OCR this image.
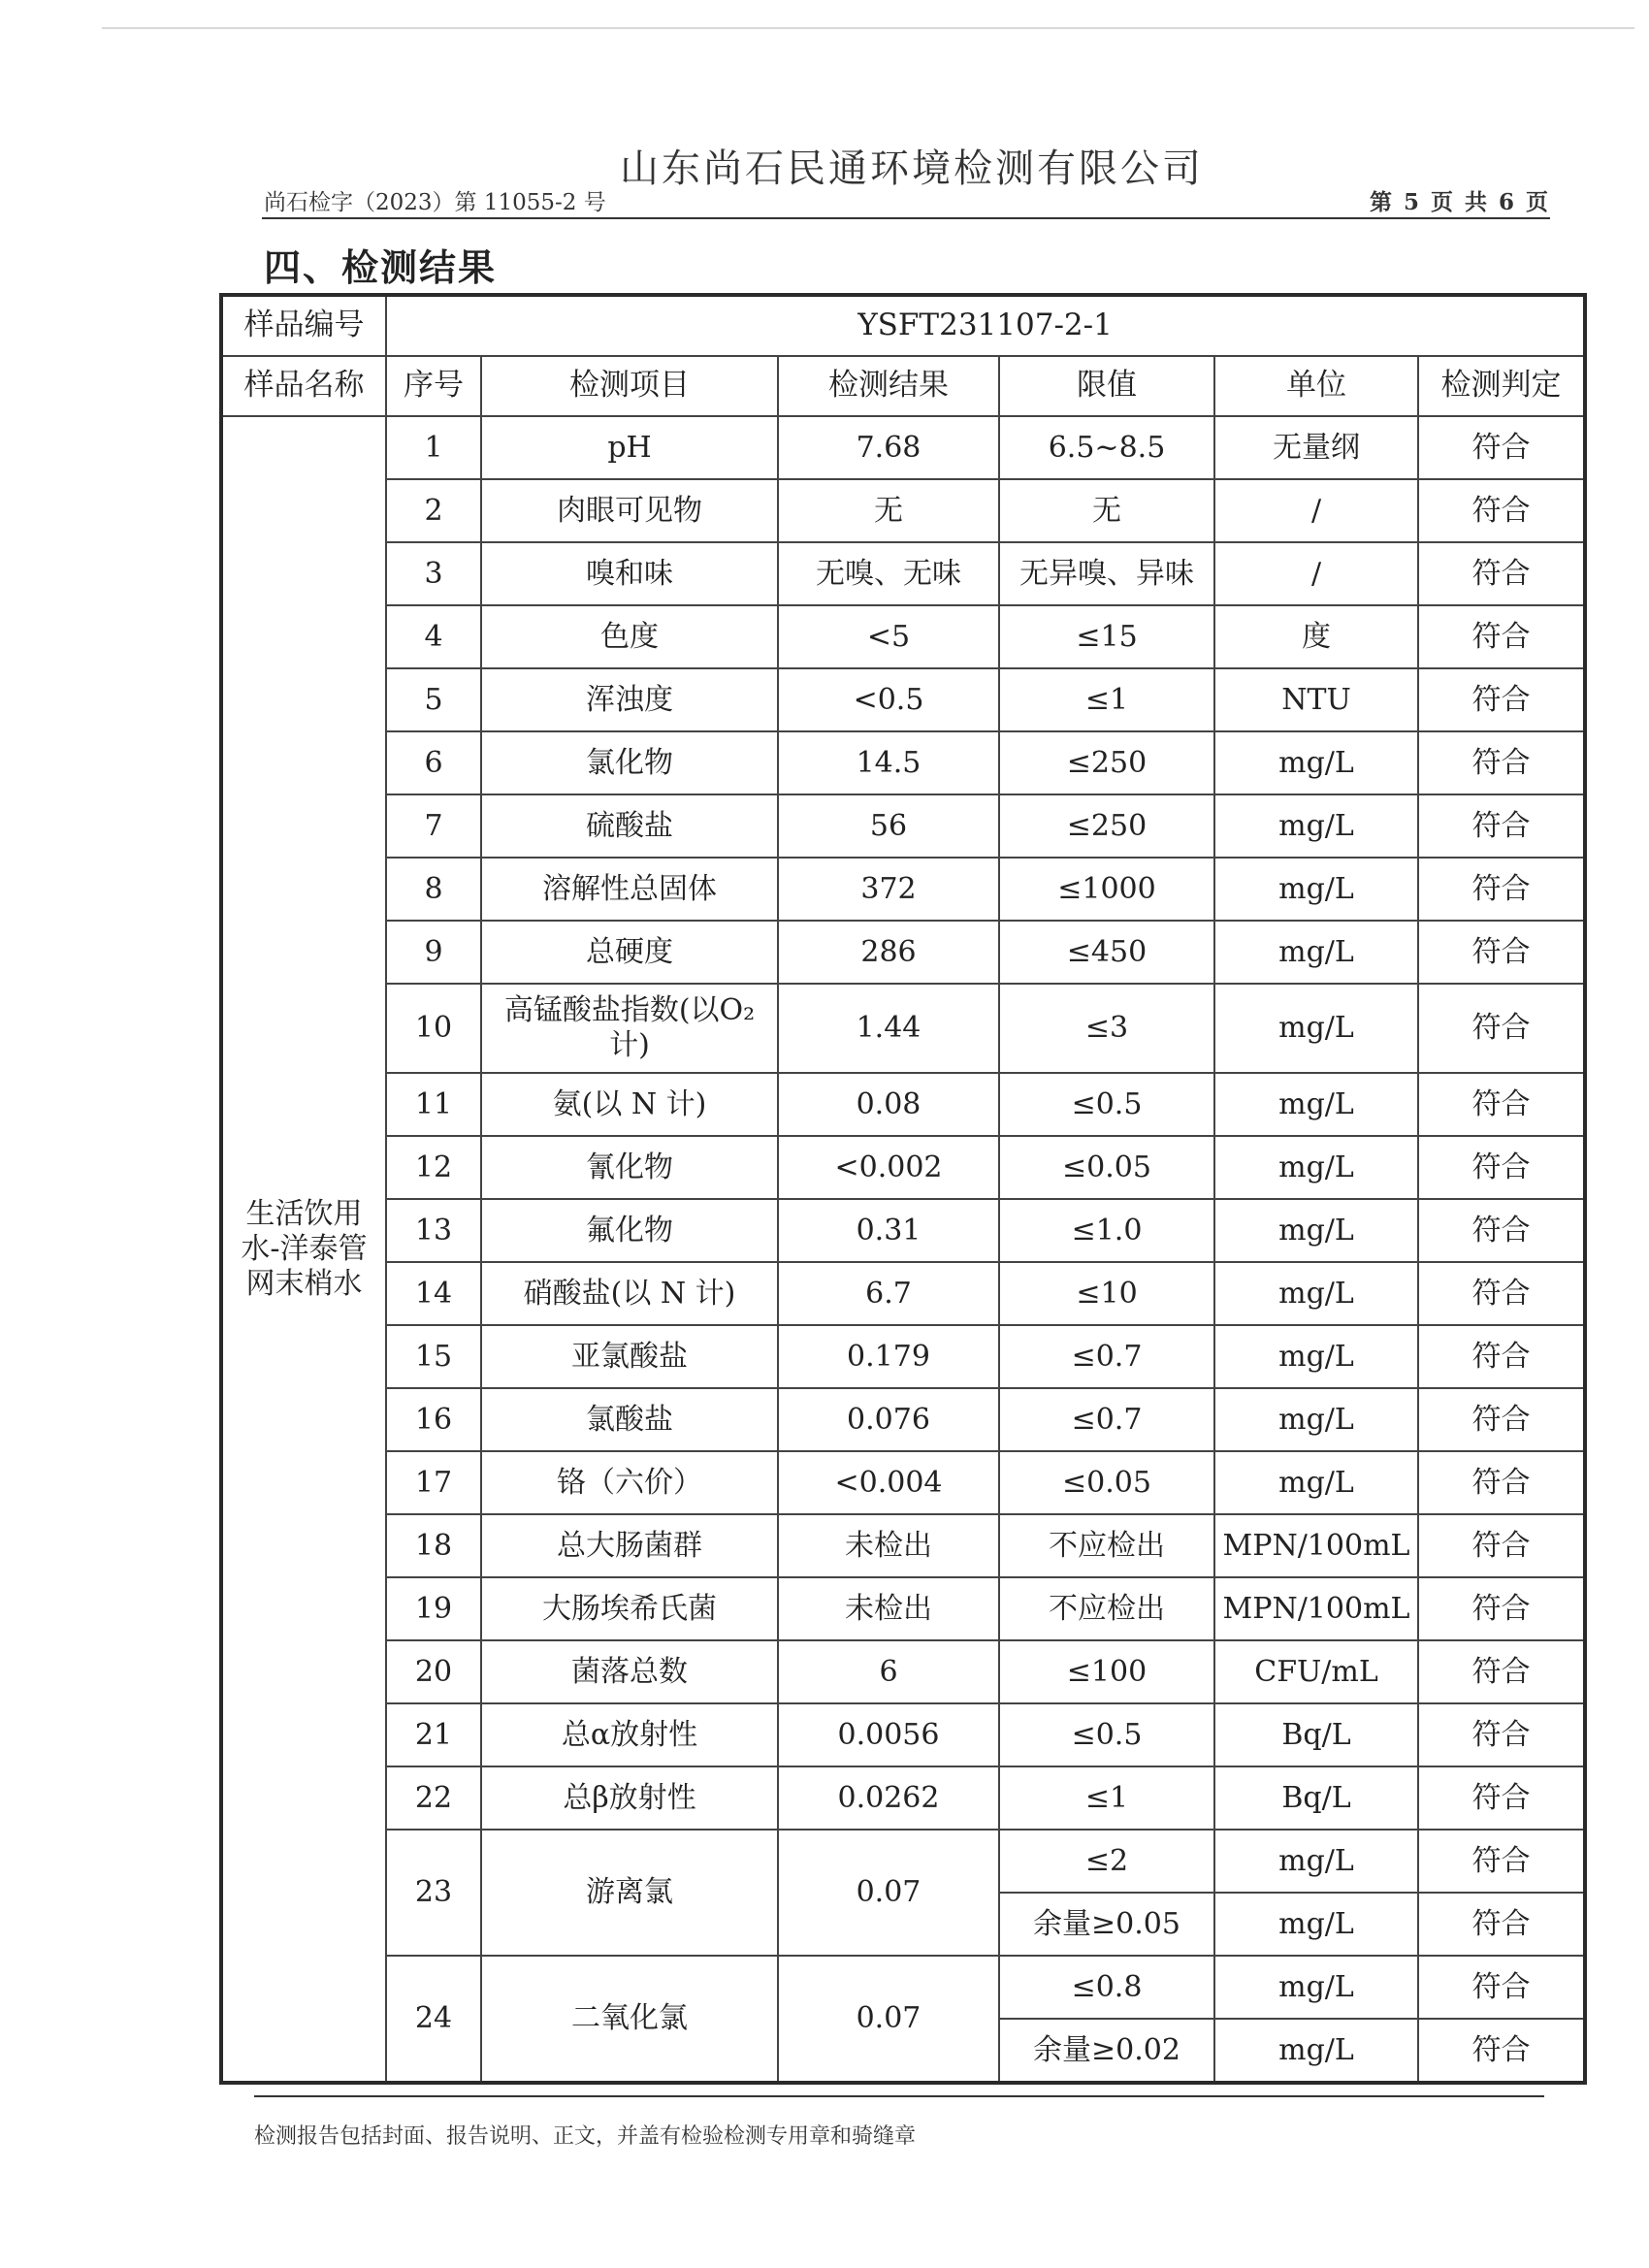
山东尚石民通环境检测有限公司
尚石检字（2023）第 11055-2 号	第 5 页 共 6 页
四、检测结果
样品编号	YSFT231107-2-1					
样品名称	序号	检测项目	检测结果	限值	单位	检测判定
生活饮用水-洋泰管网末梢水	1	pH	7.68	6.5~8.5	无量纲	符合
	2	肉眼可见物	无	无	/	符合
	3	嗅和味	无嗅、无味	无异嗅、异味	/	符合
	4	色度	<5	≤15	度	符合
	5	浑浊度	<0.5	≤1	NTU	符合
	6	氯化物	14.5	≤250	mg/L	符合
	7	硫酸盐	56	≤250	mg/L	符合
	8	溶解性总固体	372	≤1000	mg/L	符合
	9	总硬度	286	≤450	mg/L	符合
	10	高锰酸盐指数(以O₂计)	1.44	≤3	mg/L	符合
	11	氨(以 N 计)	0.08	≤0.5	mg/L	符合
	12	氰化物	<0.002	≤0.05	mg/L	符合
	13	氟化物	0.31	≤1.0	mg/L	符合
	14	硝酸盐(以 N 计)	6.7	≤10	mg/L	符合
	15	亚氯酸盐	0.179	≤0.7	mg/L	符合
	16	氯酸盐	0.076	≤0.7	mg/L	符合
	17	铬（六价）	<0.004	≤0.05	mg/L	符合
	18	总大肠菌群	未检出	不应检出	MPN/100mL	符合
	19	大肠埃希氏菌	未检出	不应检出	MPN/100mL	符合
	20	菌落总数	6	≤100	CFU/mL	符合
	21	总α放射性	0.0056	≤0.5	Bq/L	符合
	22	总β放射性	0.0262	≤1	Bq/L	符合
	23	游离氯	0.07	≤2	mg/L	符合
				余量≥0.05	mg/L	符合
	24	二氧化氯	0.07	≤0.8	mg/L	符合
				余量≥0.02	mg/L	符合
检测报告包括封面、报告说明、正文，并盖有检验检测专用章和骑缝章
